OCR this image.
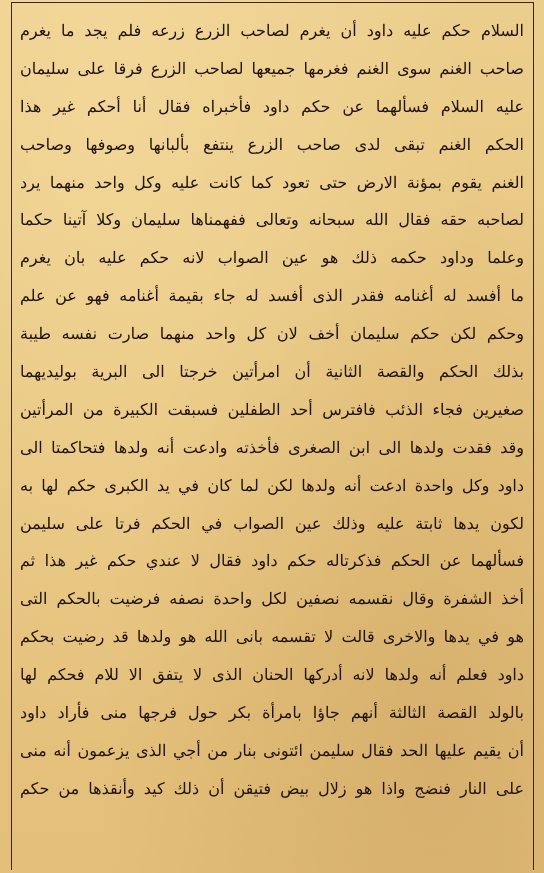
السلام حكم عليه داود أن يغرم لصاحب الزرع زرعه فلم يجد ما يغرم
صاحب الغنم سوى الغنم فغرمها جميعها لصاحب الزرع فرقا على سليمان
عليه السلام فسألهما عن حكم داود فأخبراه فقال أنا أحكم غير هذا
الحكم الغنم تبقى لدى صاحب الزرع ينتفع بألبانها وصوفها وصاحب
الغنم يقوم بمؤنة الارض حتى تعود كما كانت عليه وكل واحد منهما يرد
لصاحبه حقه فقال الله سبحانه وتعالى ففهمناها سليمان وكلا آتينا حكما
وعلما وداود حكمه ذلك هو عين الصواب لانه حكم عليه بان يغرم
ما أفسد له أغنامه فقدر الذى أفسد له جاء بقيمة أغنامه فهو عن علم
وحكم لكن حكم سليمان أخف لان كل واحد منهما صارت نفسه طيبة
بذلك الحكم والقصة الثانية أن امرأتين خرجتا الى البرية بوليديهما
صغيرين فجاء الذئب فافترس أحد الطفلين فسبقت الكبيرة من المرأتين
وقد فقدت ولدها الى ابن الصغرى فأخذته وادعت أنه ولدها فتحاكمتا الى
داود وكل واحدة ادعت أنه ولدها لكن لما كان في يد الكبرى حكم لها به
لكون يدها ثابتة عليه وذلك عين الصواب في الحكم فرتا على سليمن
فسألهما عن الحكم فذكرتاله حكم داود فقال لا عندي حكم غير هذا ثم
أخذ الشفرة وقال نقسمه نصفين لكل واحدة نصفه فرضيت بالحكم التى
هو في يدها والاخرى قالت لا تقسمه بانى الله هو ولدها قد رضيت بحكم
داود فعلم أنه ولدها لانه أدركها الحنان الذى لا يتفق الا للام فحكم لها
بالولد القصة الثالثة أنهم جاؤا بامرأة بكر حول فرجها منى فأراد داود
أن يقيم عليها الحد فقال سليمن ائتونى بنار من أجي الذى يزعمون أنه منى
على النار فنضج واذا هو زلال بيض فتيقن أن ذلك كيد وأنقذها من حكم
